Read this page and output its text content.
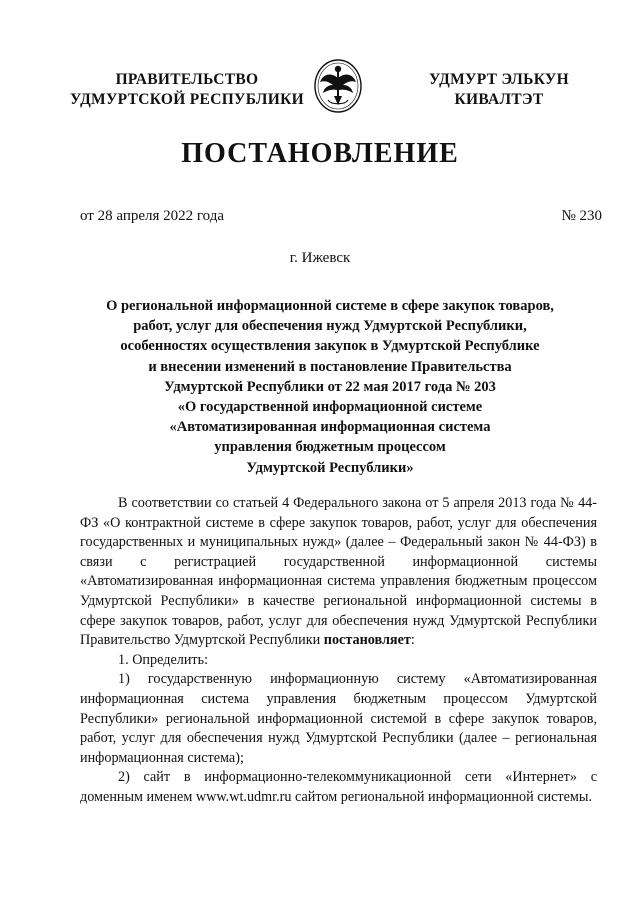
ПРАВИТЕЛЬСТВО
УДМУРТСКОЙ РЕСПУБЛИКИ
УДМУРТ ЭЛЬКУН
КИВАЛТЭТ
ПОСТАНОВЛЕНИЕ
от 28 апреля 2022 года	№ 230
г. Ижевск
О региональной информационной системе в сфере закупок товаров,
работ, услуг для обеспечения нужд Удмуртской Республики,
особенностях осуществления закупок в Удмуртской Республике
и внесении изменений в постановление Правительства
Удмуртской Республики от 22 мая 2017 года № 203
«О государственной информационной системе
«Автоматизированная информационная система
управления бюджетным процессом
Удмуртской Республики»

В соответствии со статьей 4 Федерального закона от 5 апреля 2013 года № 44-ФЗ «О контрактной системе в сфере закупок товаров, работ, услуг для обеспечения государственных и муниципальных нужд» (далее – Федеральный закон № 44-ФЗ) в связи с регистрацией государственной информационной системы «Автоматизированная информационная система управления бюджетным процессом Удмуртской Республики» в качестве региональной информационной системы в сфере закупок товаров, работ, услуг для обеспечения нужд Удмуртской Республики Правительство Удмуртской Республики постановляет:

1. Определить:

1) государственную информационную систему «Автоматизированная информационная система управления бюджетным процессом Удмуртской Республики» региональной информационной системой в сфере закупок товаров, работ, услуг для обеспечения нужд Удмуртской Республики (далее – региональная информационная система);

2) сайт в информационно-телекоммуникационной сети «Интернет» с доменным именем www.wt.udmr.ru сайтом региональной информационной системы.
